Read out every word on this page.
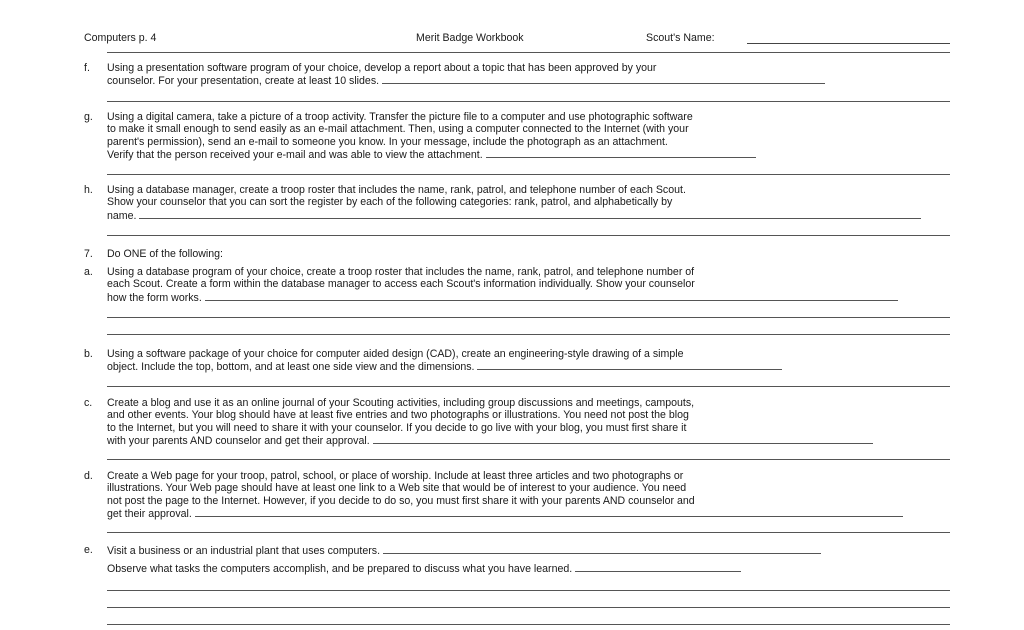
Computers p. 4	Merit Badge Workbook	Scout's Name:
f. Using a presentation software program of your choice, develop a report about a topic that has been approved by your
counselor. For your presentation, create at least 10 slides.
g. Using a digital camera, take a picture of a troop activity. Transfer the picture file to a computer and use photographic software
to make it small enough to send easily as an e-mail attachment. Then, using a computer connected to the Internet (with your
parent's permission), send an e-mail to someone you know. In your message, include the photograph as an attachment.
Verify that the person received your e-mail and was able to view the attachment.
h. Using a database manager, create a troop roster that includes the name, rank, patrol, and telephone number of each Scout.
Show your counselor that you can sort the register by each of the following categories: rank, patrol, and alphabetically by
name.
7. Do ONE of the following:
a. Using a database program of your choice, create a troop roster that includes the name, rank, patrol, and telephone number of
each Scout. Create a form within the database manager to access each Scout's information individually. Show your counselor
how the form works.
b. Using a software package of your choice for computer aided design (CAD), create an engineering-style drawing of a simple
object. Include the top, bottom, and at least one side view and the dimensions.
c. Create a blog and use it as an online journal of your Scouting activities, including group discussions and meetings, campouts,
and other events. Your blog should have at least five entries and two photographs or illustrations. You need not post the blog
to the Internet, but you will need to share it with your counselor. If you decide to go live with your blog, you must first share it
with your parents AND counselor and get their approval.
d. Create a Web page for your troop, patrol, school, or place of worship. Include at least three articles and two photographs or
illustrations. Your Web page should have at least one link to a Web site that would be of interest to your audience. You need
not post the page to the Internet. However, if you decide to do so, you must first share it with your parents AND counselor and
get their approval.
e. Visit a business or an industrial plant that uses computers.
Observe what tasks the computers accomplish, and be prepared to discuss what you have learned.
